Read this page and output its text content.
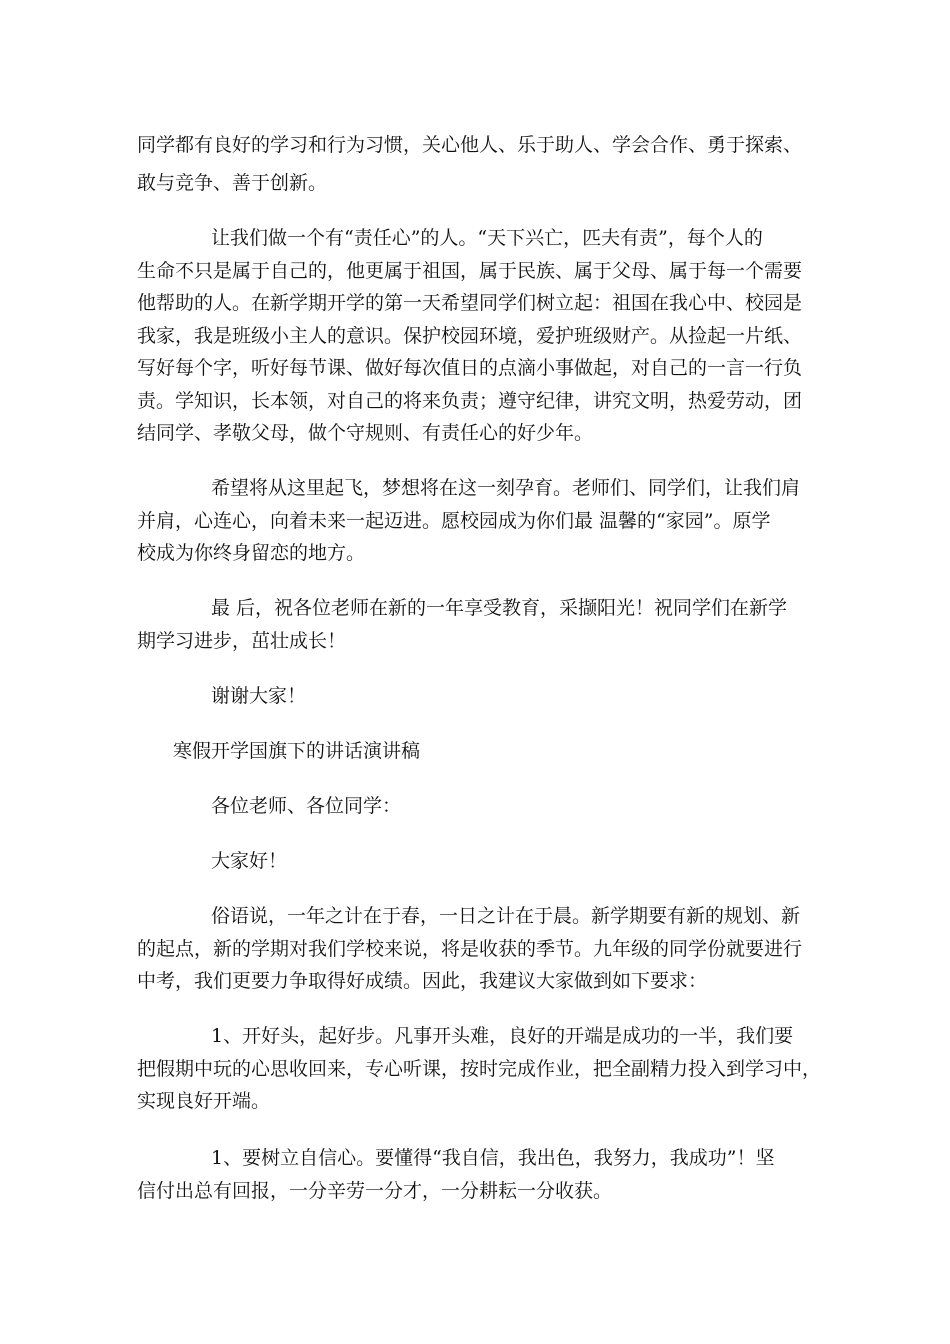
同学都有良好的学习和行为习惯，关心他人、乐于助人、学会合作、勇于探索、
敢与竞争、善于创新。
让我们做一个有“责任心”的人。“天下兴亡，匹夫有责”，每个人的
生命不只是属于自己的，他更属于祖国，属于民族、属于父母、属于每一个需要
他帮助的人。在新学期开学的第一天希望同学们树立起：祖国在我心中、校园是
我家，我是班级小主人的意识。保护校园环境，爱护班级财产。从捡起一片纸、
写好每个字，听好每节课、做好每次值日的点滴小事做起，对自己的一言一行负
责。学知识，长本领，对自己的将来负责；遵守纪律，讲究文明，热爱劳动，团
结同学、孝敬父母，做个守规则、有责任心的好少年。
希望将从这里起飞，梦想将在这一刻孕育。老师们、同学们，让我们肩
并肩，心连心，向着未来一起迈进。愿校园成为你们最 温馨的“家园”。原学
校成为你终身留恋的地方。
最 后，祝各位老师在新的一年享受教育，采撷阳光！祝同学们在新学
期学习进步，茁壮成长！
谢谢大家！
寒假开学国旗下的讲话演讲稿
各位老师、各位同学：
大家好！
俗语说，一年之计在于春，一日之计在于晨。新学期要有新的规划、新
的起点，新的学期对我们学校来说，将是收获的季节。九年级的同学份就要进行
中考，我们更要力争取得好成绩。因此，我建议大家做到如下要求：
1、开好头，起好步。凡事开头难，良好的开端是成功的一半，我们要
把假期中玩的心思收回来，专心听课，按时完成作业，把全副精力投入到学习中，
实现良好开端。
1、要树立自信心。要懂得“我自信，我出色，我努力，我成功”！坚
信付出总有回报，一分辛劳一分才，一分耕耘一分收获。
